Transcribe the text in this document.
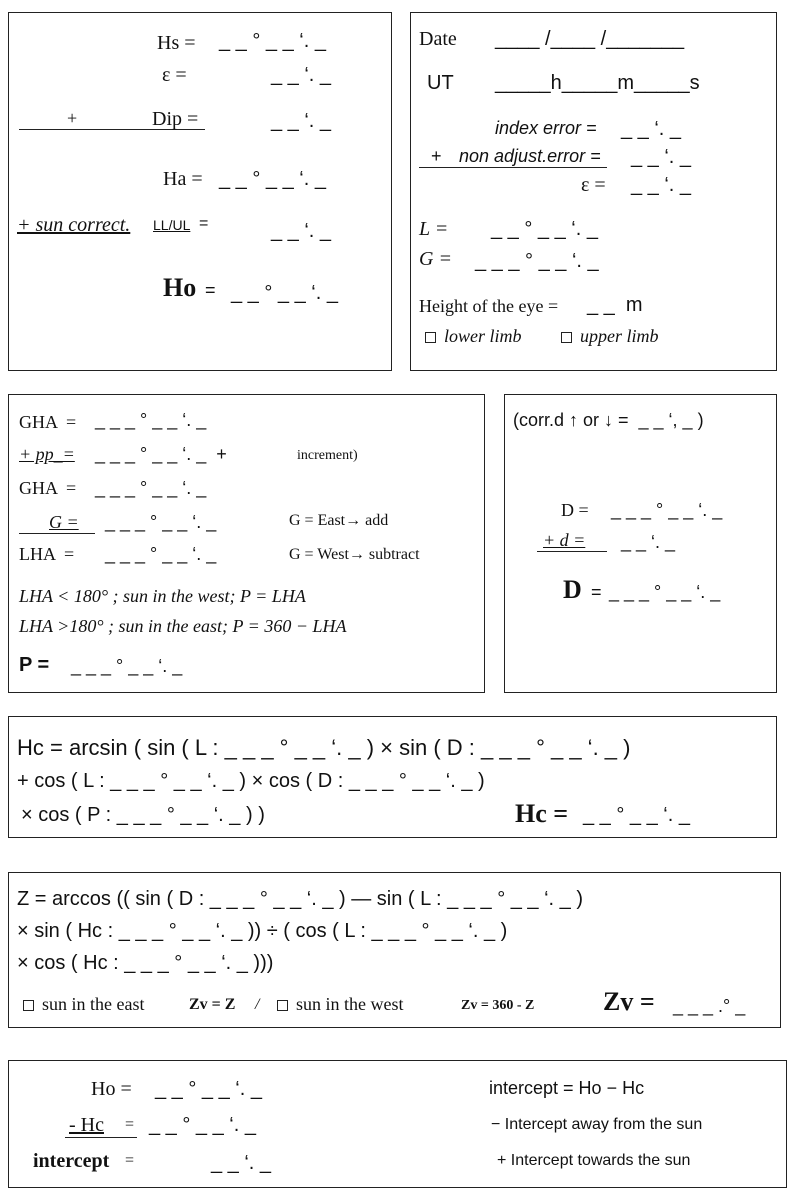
Hs = _ _ ° _ _ ‘. _
ε =	_ _ ‘. _
+	Dip =	_ _ ‘. _
Ha = _ _ ° _ _ ‘. _
+ sun correct. LL/UL =	_ _ ‘. _
Ho = _ _ ° _ _ ‘. _
Date ____ /____ /_______
UT _____h_____m_____s
index error = _ _ ‘. _
+ non adjust.error = _ _ ‘. _
ε = _ _ ‘. _
L = _ _ ° _ _ ‘. _
G = _ _ _ ° _ _ ‘. _
Height of the eye = _ _  m
lower limb	upper limb
GHA  = _ _ _ ° _ _ ‘. _
+ pp_= _ _ _ ° _ _ ‘. _  +	increment)
GHA  = _ _ _ ° _ _ ‘. _
G = _ _ _ ° _ _ ‘. _	G = East→ add
LHA  = _ _ _ ° _ _ ‘. _	G = West→ subtract
LHA < 180° ; sun in the west; P = LHA
LHA >180° ; sun in the east; P = 360 − LHA
P = _ _ _ ° _ _ ‘. _
(corr.d ↑ or ↓ =  _ _ ‘, _ )
D = _ _ _ ° _ _ ‘. _
+ d = _ _ ‘. _
D = _ _ _ ° _ _ ‘. _
Hc = arcsin ( sin ( L : _ _ _ ° _ _ ‘. _ ) × sin ( D : _ _ _ ° _ _ ‘. _ )
+ cos ( L : _ _ _ ° _ _ ‘. _ ) × cos ( D : _ _ _ ° _ _ ‘. _ )
× cos ( P : _ _ _ ° _ _ ‘. _ ) )	Hc = _ _ ° _ _ ‘. _
Z = arccos (( sin ( D : _ _ _ ° _ _ ‘. _ ) — sin ( L : _ _ _ ° _ _ ‘. _ )
× sin ( Hc : _ _ _ ° _ _ ‘. _ )) ÷ ( cos ( L : _ _ _ ° _ _ ‘. _ )
× cos ( Hc : _ _ _ ° _ _ ‘. _ )))
sun in the east	Zv = Z /	sun in the west	Zv = 360 - Z	Zv = _ _ _ .° _
Ho = _ _ ° _ _ ‘. _
- Hc = _ _ ° _ _ ‘. _
intercept =	_ _ ‘. _
intercept = Ho − Hc
− Intercept away from the sun
+ Intercept towards the sun
